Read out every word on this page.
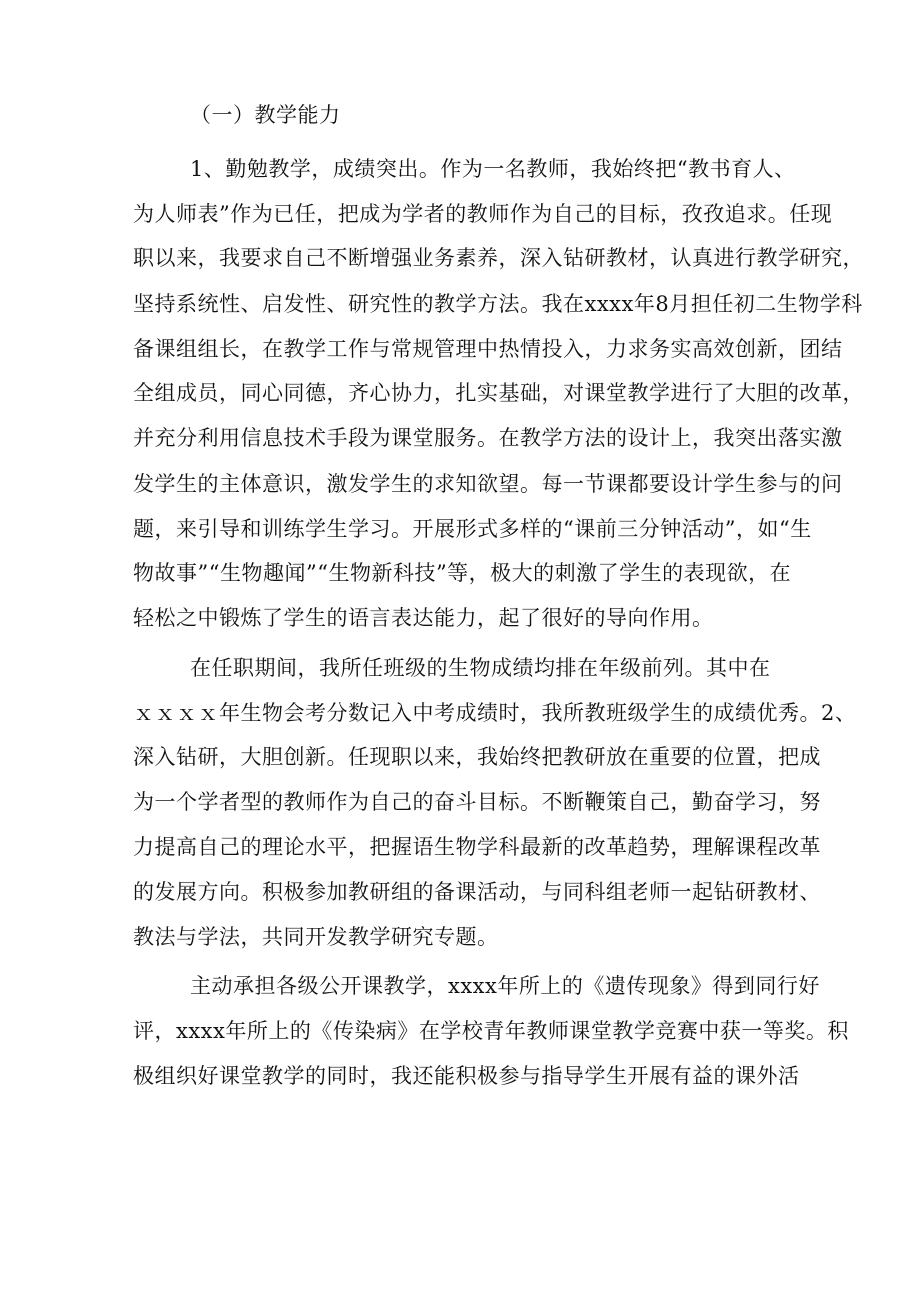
（一）教学能力
1、勤勉教学，成绩突出。作为一名教师，我始终把“教书育人、
为人师表”作为已任，把成为学者的教师作为自己的目标，孜孜追求。任现
职以来，我要求自己不断增强业务素养，深入钻研教材，认真进行教学研究，
坚持系统性、启发性、研究性的教学方法。我在xxxx年8月担任初二生物学科
备课组组长，在教学工作与常规管理中热情投入，力求务实高效创新，团结
全组成员，同心同德，齐心协力，扎实基础，对课堂教学进行了大胆的改革，
并充分利用信息技术手段为课堂服务。在教学方法的设计上，我突出落实激
发学生的主体意识，激发学生的求知欲望。每一节课都要设计学生参与的问
题，来引导和训练学生学习。开展形式多样的“课前三分钟活动”，如“生
物故事”“生物趣闻”“生物新科技”等，极大的刺激了学生的表现欲，在
轻松之中锻炼了学生的语言表达能力，起了很好的导向作用。
在任职期间，我所任班级的生物成绩均排在年级前列。其中在
ｘｘｘｘ年生物会考分数记入中考成绩时，我所教班级学生的成绩优秀。2、
深入钻研，大胆创新。任现职以来，我始终把教研放在重要的位置，把成
为一个学者型的教师作为自己的奋斗目标。不断鞭策自己，勤奋学习，努
力提高自己的理论水平，把握语生物学科最新的改革趋势，理解课程改革
的发展方向。积极参加教研组的备课活动，与同科组老师一起钻研教材、
教法与学法，共同开发教学研究专题。
主动承担各级公开课教学，xxxx年所上的《遗传现象》得到同行好
评，xxxx年所上的《传染病》在学校青年教师课堂教学竞赛中获一等奖。积
极组织好课堂教学的同时，我还能积极参与指导学生开展有益的课外活
